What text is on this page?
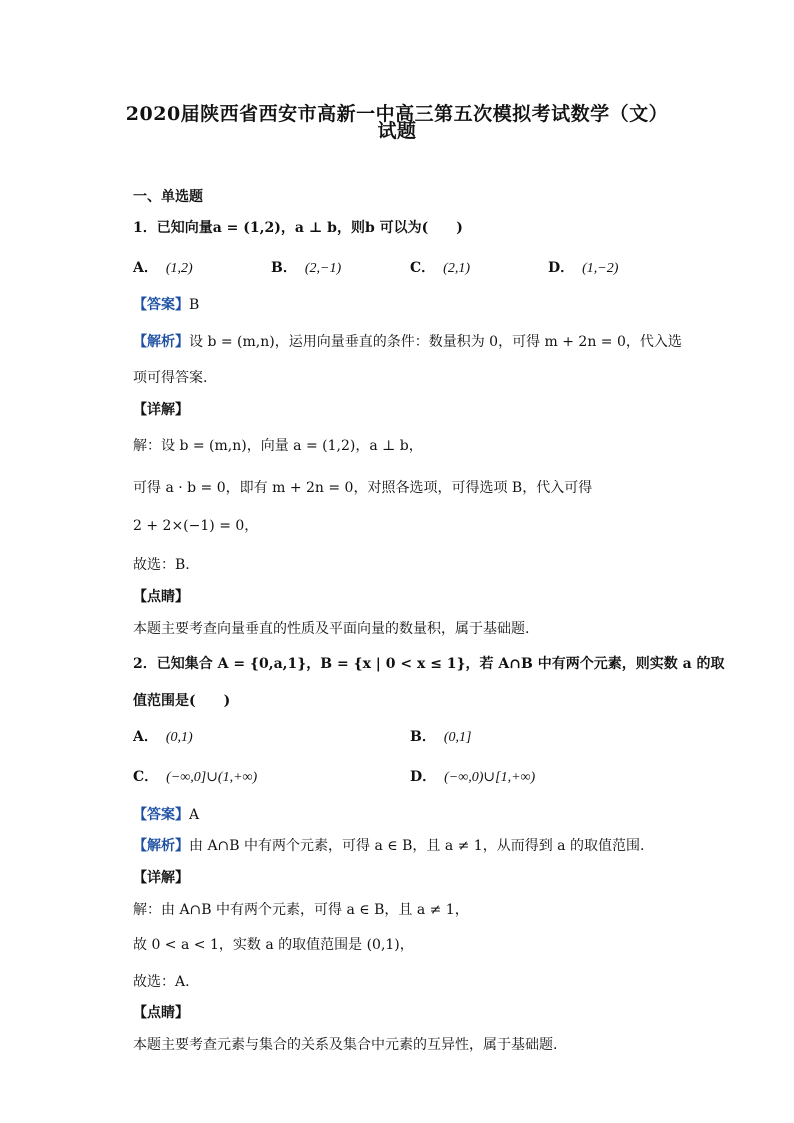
2020届陕西省西安市高新一中高三第五次模拟考试数学（文）
试题
一、单选题
1．已知向量a = (1,2)，a ⊥ b，则b 可以为(　　)
A． (1,2)	B． (2,−1)	C． (2,1)	D． (1,−2)
【答案】B
【解析】设 b = (m,n)，运用向量垂直的条件：数量积为 0，可得 m + 2n = 0，代入选
项可得答案.
【详解】
解：设 b = (m,n)，向量 a = (1,2)，a ⊥ b，
可得 a · b = 0，即有 m + 2n = 0，对照各选项，可得选项 B，代入可得
2 + 2×(−1) = 0，
故选：B.
【点睛】
本题主要考查向量垂直的性质及平面向量的数量积，属于基础题.
2．已知集合 A = {0,a,1}，B = {x | 0 < x ≤ 1}，若 A∩B 中有两个元素，则实数 a 的取
值范围是(　　)
A． (0,1)	B． (0,1]
C． (−∞,0]∪(1,+∞)	D． (−∞,0)∪[1,+∞)
【答案】A
【解析】由 A∩B 中有两个元素，可得 a ∈ B，且 a ≠ 1，从而得到 a 的取值范围.
【详解】
解：由 A∩B 中有两个元素，可得 a ∈ B，且 a ≠ 1，
故 0 < a < 1，实数 a 的取值范围是 (0,1)，
故选：A.
【点睛】
本题主要考查元素与集合的关系及集合中元素的互异性，属于基础题.
